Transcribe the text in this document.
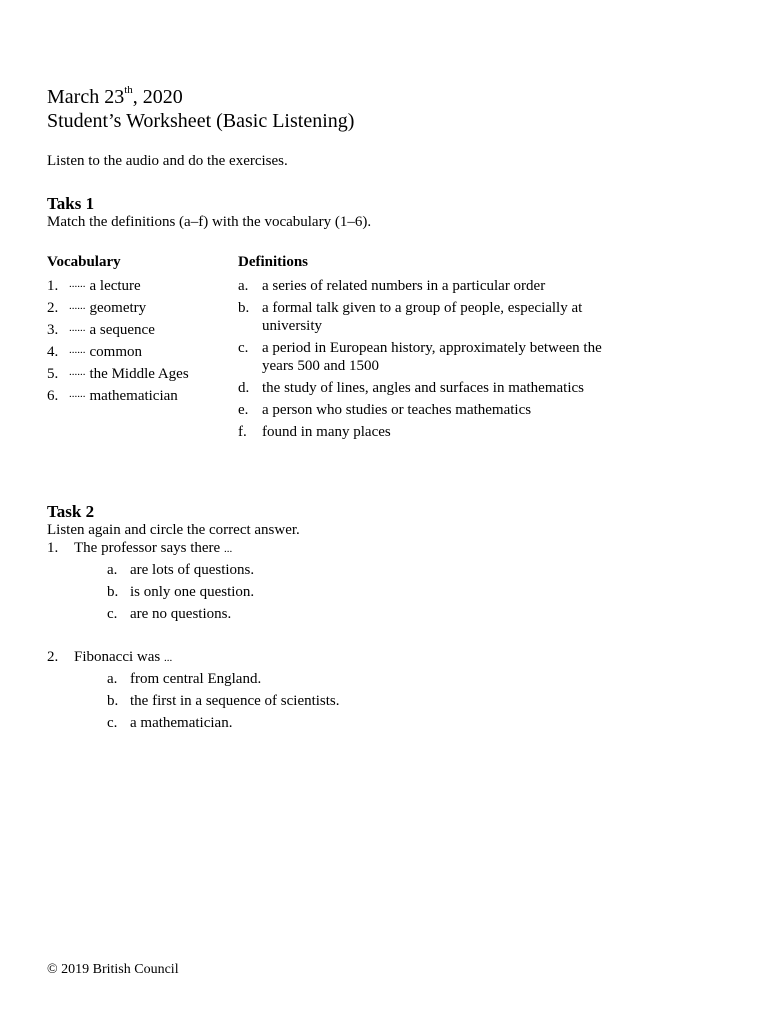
March 23th, 2020
Student’s Worksheet (Basic Listening)
Listen to the audio and do the exercises.
Taks 1
Match the definitions (a–f) with the vocabulary (1–6).
Vocabulary	Definitions
1. ...... a lecture
2. ...... geometry
3. ...... a sequence
4. ...... common
5. ...... the Middle Ages
6. ...... mathematician
a. a series of related numbers in a particular order
b. a formal talk given to a group of people, especially at
university
c. a period in European history, approximately between the
years 500 and 1500
d. the study of lines, angles and surfaces in mathematics
e. a person who studies or teaches mathematics
f. found in many places
Task 2
Listen again and circle the correct answer.
1. The professor says there ...
a. are lots of questions.
b. is only one question.
c. are no questions.
2. Fibonacci was ...
a. from central England.
b. the first in a sequence of scientists.
c. a mathematician.
© 2019 British Council
